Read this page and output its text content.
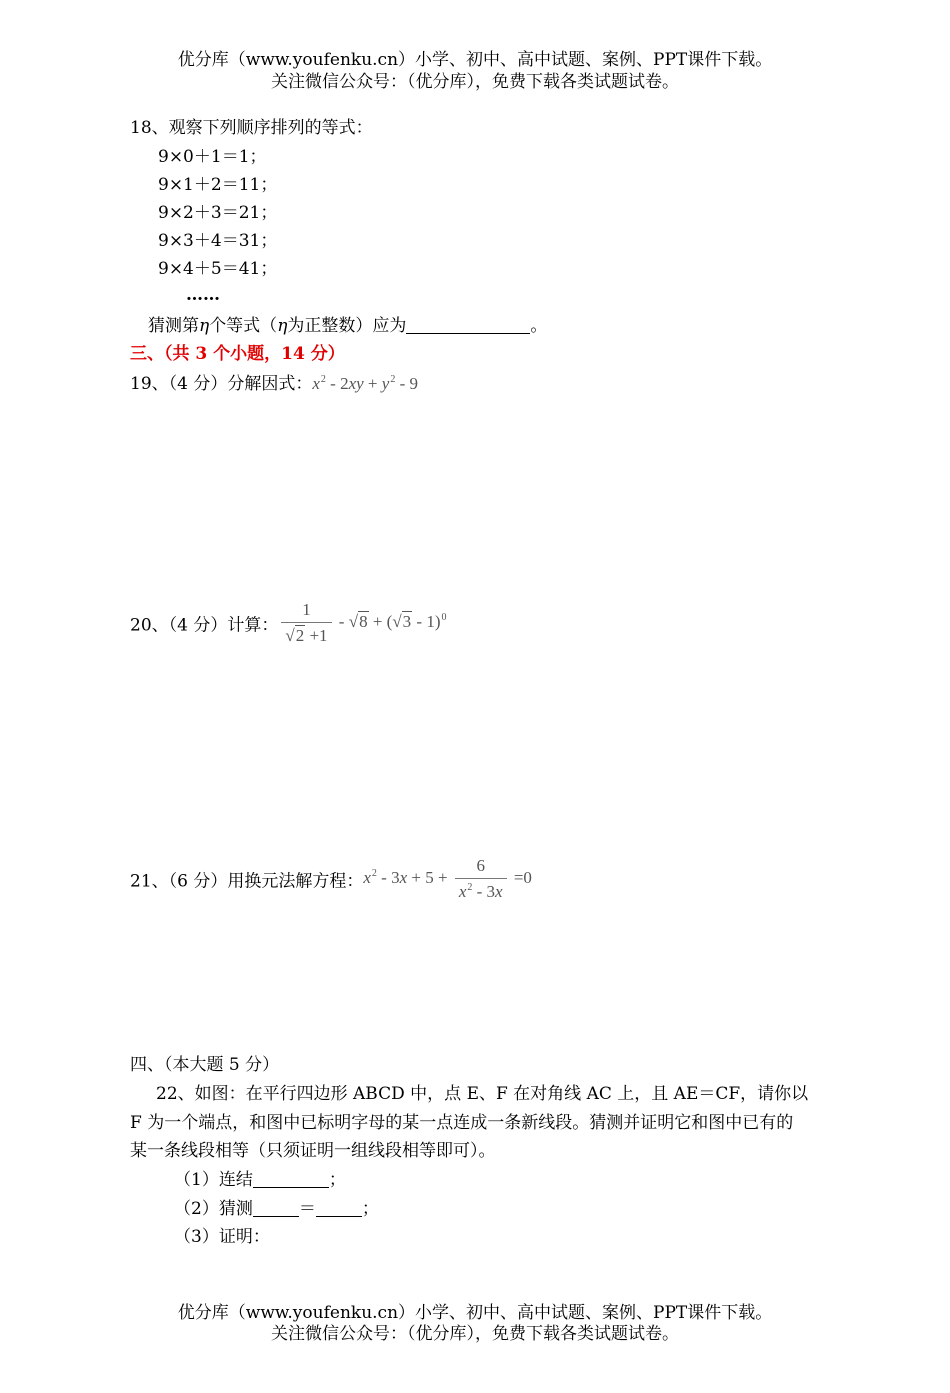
优分库（www.youfenku.cn）小学、初中、高中试题、案例、PPT课件下载。
关注微信公众号：（优分库），免费下载各类试题试卷。
18、观察下列顺序排列的等式：
9×0＋1＝1；
9×1＋2＝11；
9×2＋3＝21；
9×3＋4＝31；
9×4＋5＝41；
……
猜测第η个等式（η为正整数）应为	。
三、（共 3 个小题，14 分）
19、（4 分）分解因式：$x^2 - 2xy + y^2 - 9$
20、（4 分）计算： $\frac{1}{√2 +1} - √8 + (√3 - 1)^0$
21、（6 分）用换元法解方程：$x^2 - 3x + 5 + \frac{6}{x^2 - 3x} =0$
四、（本大题 5 分）
22、如图：在平行四边形 ABCD 中，点 E、F 在对角线 AC 上，且 AE＝CF，请你以
F 为一个端点，和图中已标明字母的某一点连成一条新线段。猜测并证明它和图中已有的
某一条线段相等（只须证明一组线段相等即可）。
（1）连结	；
（2）猜测	＝	；
（3）证明：
优分库（www.youfenku.cn）小学、初中、高中试题、案例、PPT课件下载。
关注微信公众号：（优分库），免费下载各类试题试卷。
